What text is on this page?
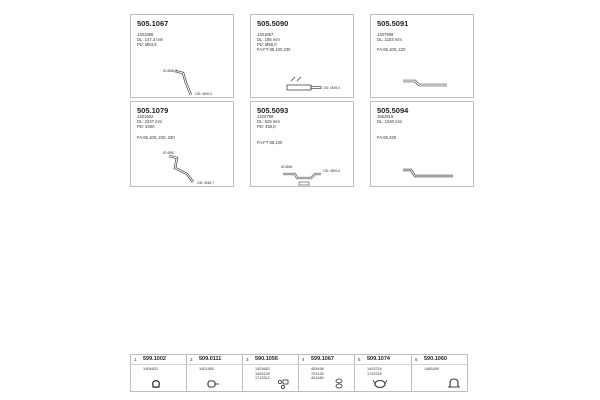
505.1067
1401696
DL: 147.3 mm
PD: Ø63,5
ID:Ø58,5
OD: Ø40,0
505.5090
1401657
DL: 185 mm
PD: Ø56,0
FA:FT 85 100,230
OD: Ø39,0
505.5091
1407599
DL: 1103 mm
FA:85,100, 220
505.1079
1401692
DL: 2347 mm
PD: 4000
FA:85,100, 220, 230
ID:Ø50
OD: Ø48,7
505.5093
1422799
DL: 625 mm
PD: 450,0
FA:FT 85,100
ID:Ø46
OD: Ø50,0
505.5094
1652815
DL: 1040 mm
FA:85,430
1 599.1002
1404603
2 509.0111
1401365
3 590.1056
1403652
1405135
1713312
4 599.1067
405498
703135
403160
5 509.1074
1403716
1702225
6 590.1060
1465189
